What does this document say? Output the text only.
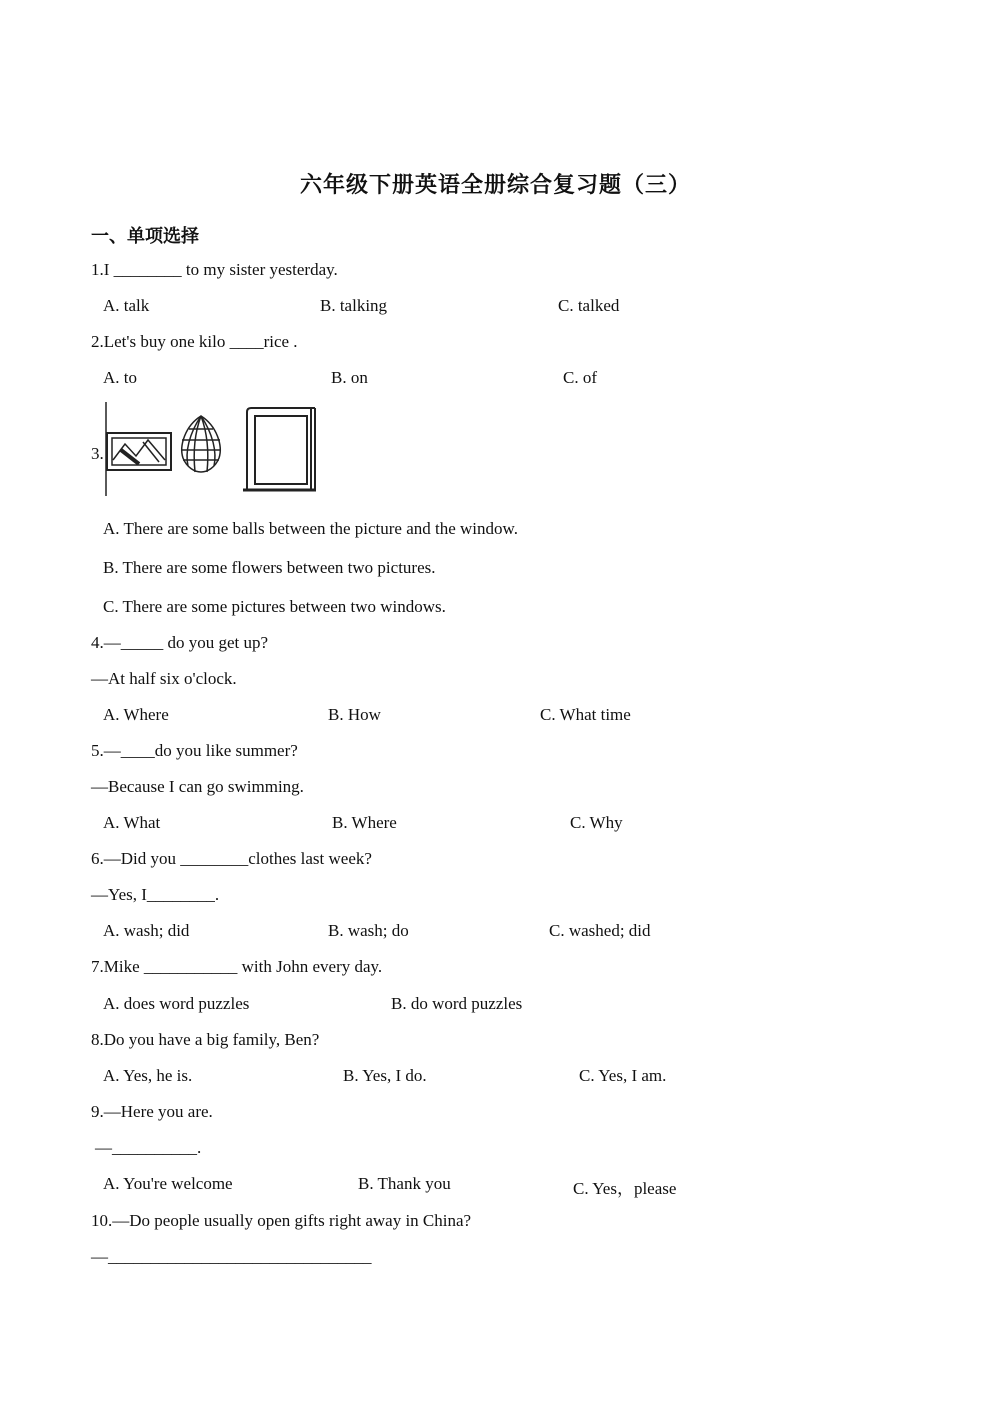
六年级下册英语全册综合复习题（三）
一、单项选择
1.I ________ to my sister yesterday.
A. talk	B. talking	C. talked
2.Let's buy one kilo ____rice .
A. to	B. on	C. of
3.
A. There are some balls between the picture and the window.
B. There are some flowers between two pictures.
C. There are some pictures between two windows.
4.—_____ do you get up?
—At half six o'clock.
A. Where	B. How	C. What time
5.—____do you like summer?
—Because I can go swimming.
A. What	B. Where	C. Why
6.—Did you ________clothes last week?
—Yes, I________.
A. wash; did	B. wash; do	C. washed; did
7.Mike ___________ with John every day.
A. does word puzzles	B. do word puzzles
8.Do you have a big family, Ben?
A. Yes, he is.	B. Yes, I do.	C. Yes, I am.
9.—Here you are.
—__________.
A. You're welcome	B. Thank you	C. Yes，please
10.—Do people usually open gifts right away in China?
—_______________________________
